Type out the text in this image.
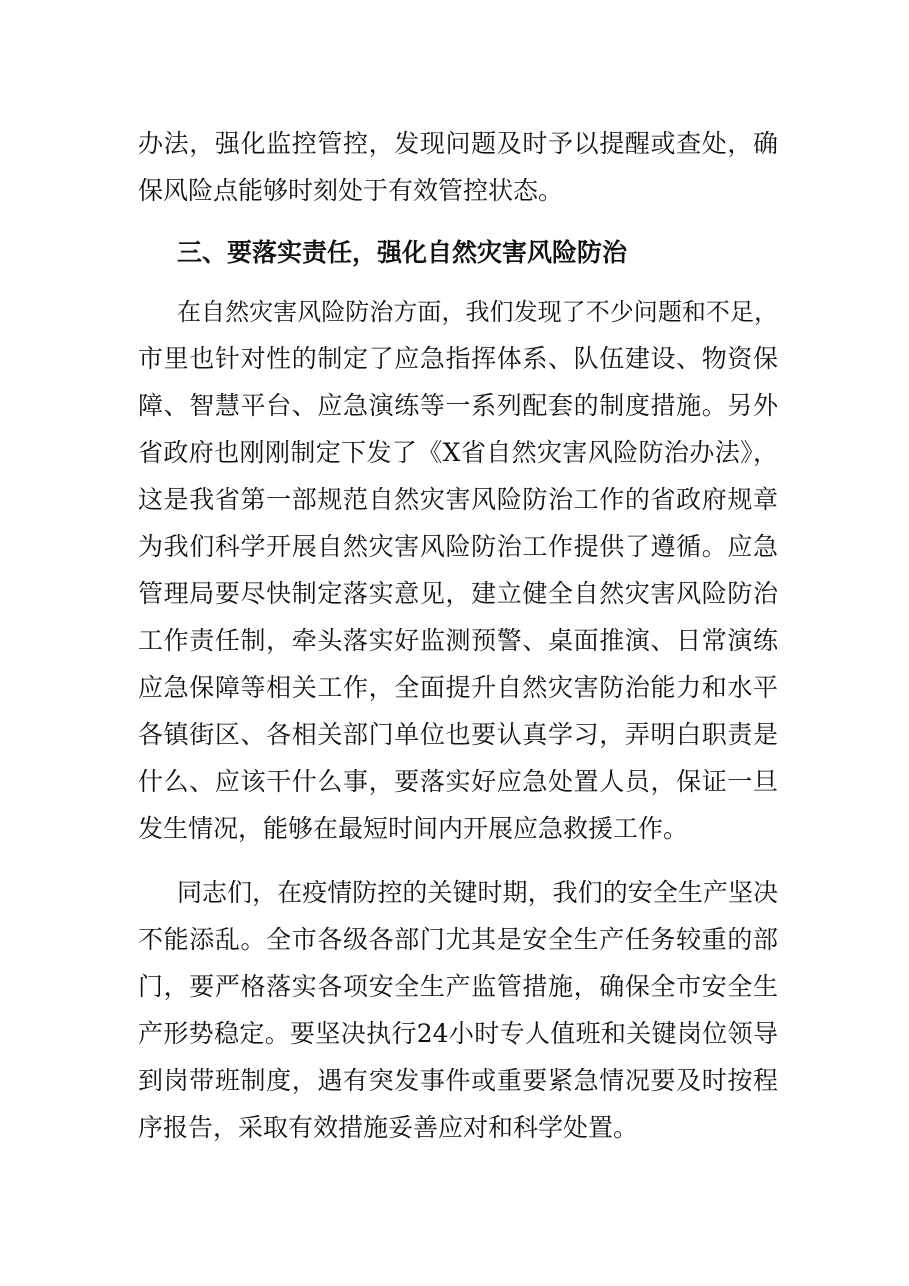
办法，强化监控管控，发现问题及时予以提醒或查处，确
保风险点能够时刻处于有效管控状态。
三、要落实责任，强化自然灾害风险防治
在自然灾害风险防治方面，我们发现了不少问题和不足，
市里也针对性的制定了应急指挥体系、队伍建设、物资保
障、智慧平台、应急演练等一系列配套的制度措施。另外
省政府也刚刚制定下发了《X省自然灾害风险防治办法》，
这是我省第一部规范自然灾害风险防治工作的省政府规章
为我们科学开展自然灾害风险防治工作提供了遵循。应急
管理局要尽快制定落实意见，建立健全自然灾害风险防治
工作责任制，牵头落实好监测预警、桌面推演、日常演练
应急保障等相关工作，全面提升自然灾害防治能力和水平
各镇街区、各相关部门单位也要认真学习，弄明白职责是
什么、应该干什么事，要落实好应急处置人员，保证一旦
发生情况，能够在最短时间内开展应急救援工作。
同志们，在疫情防控的关键时期，我们的安全生产坚决
不能添乱。全市各级各部门尤其是安全生产任务较重的部
门，要严格落实各项安全生产监管措施，确保全市安全生
产形势稳定。要坚决执行24小时专人值班和关键岗位领导
到岗带班制度，遇有突发事件或重要紧急情况要及时按程
序报告，采取有效措施妥善应对和科学处置。
